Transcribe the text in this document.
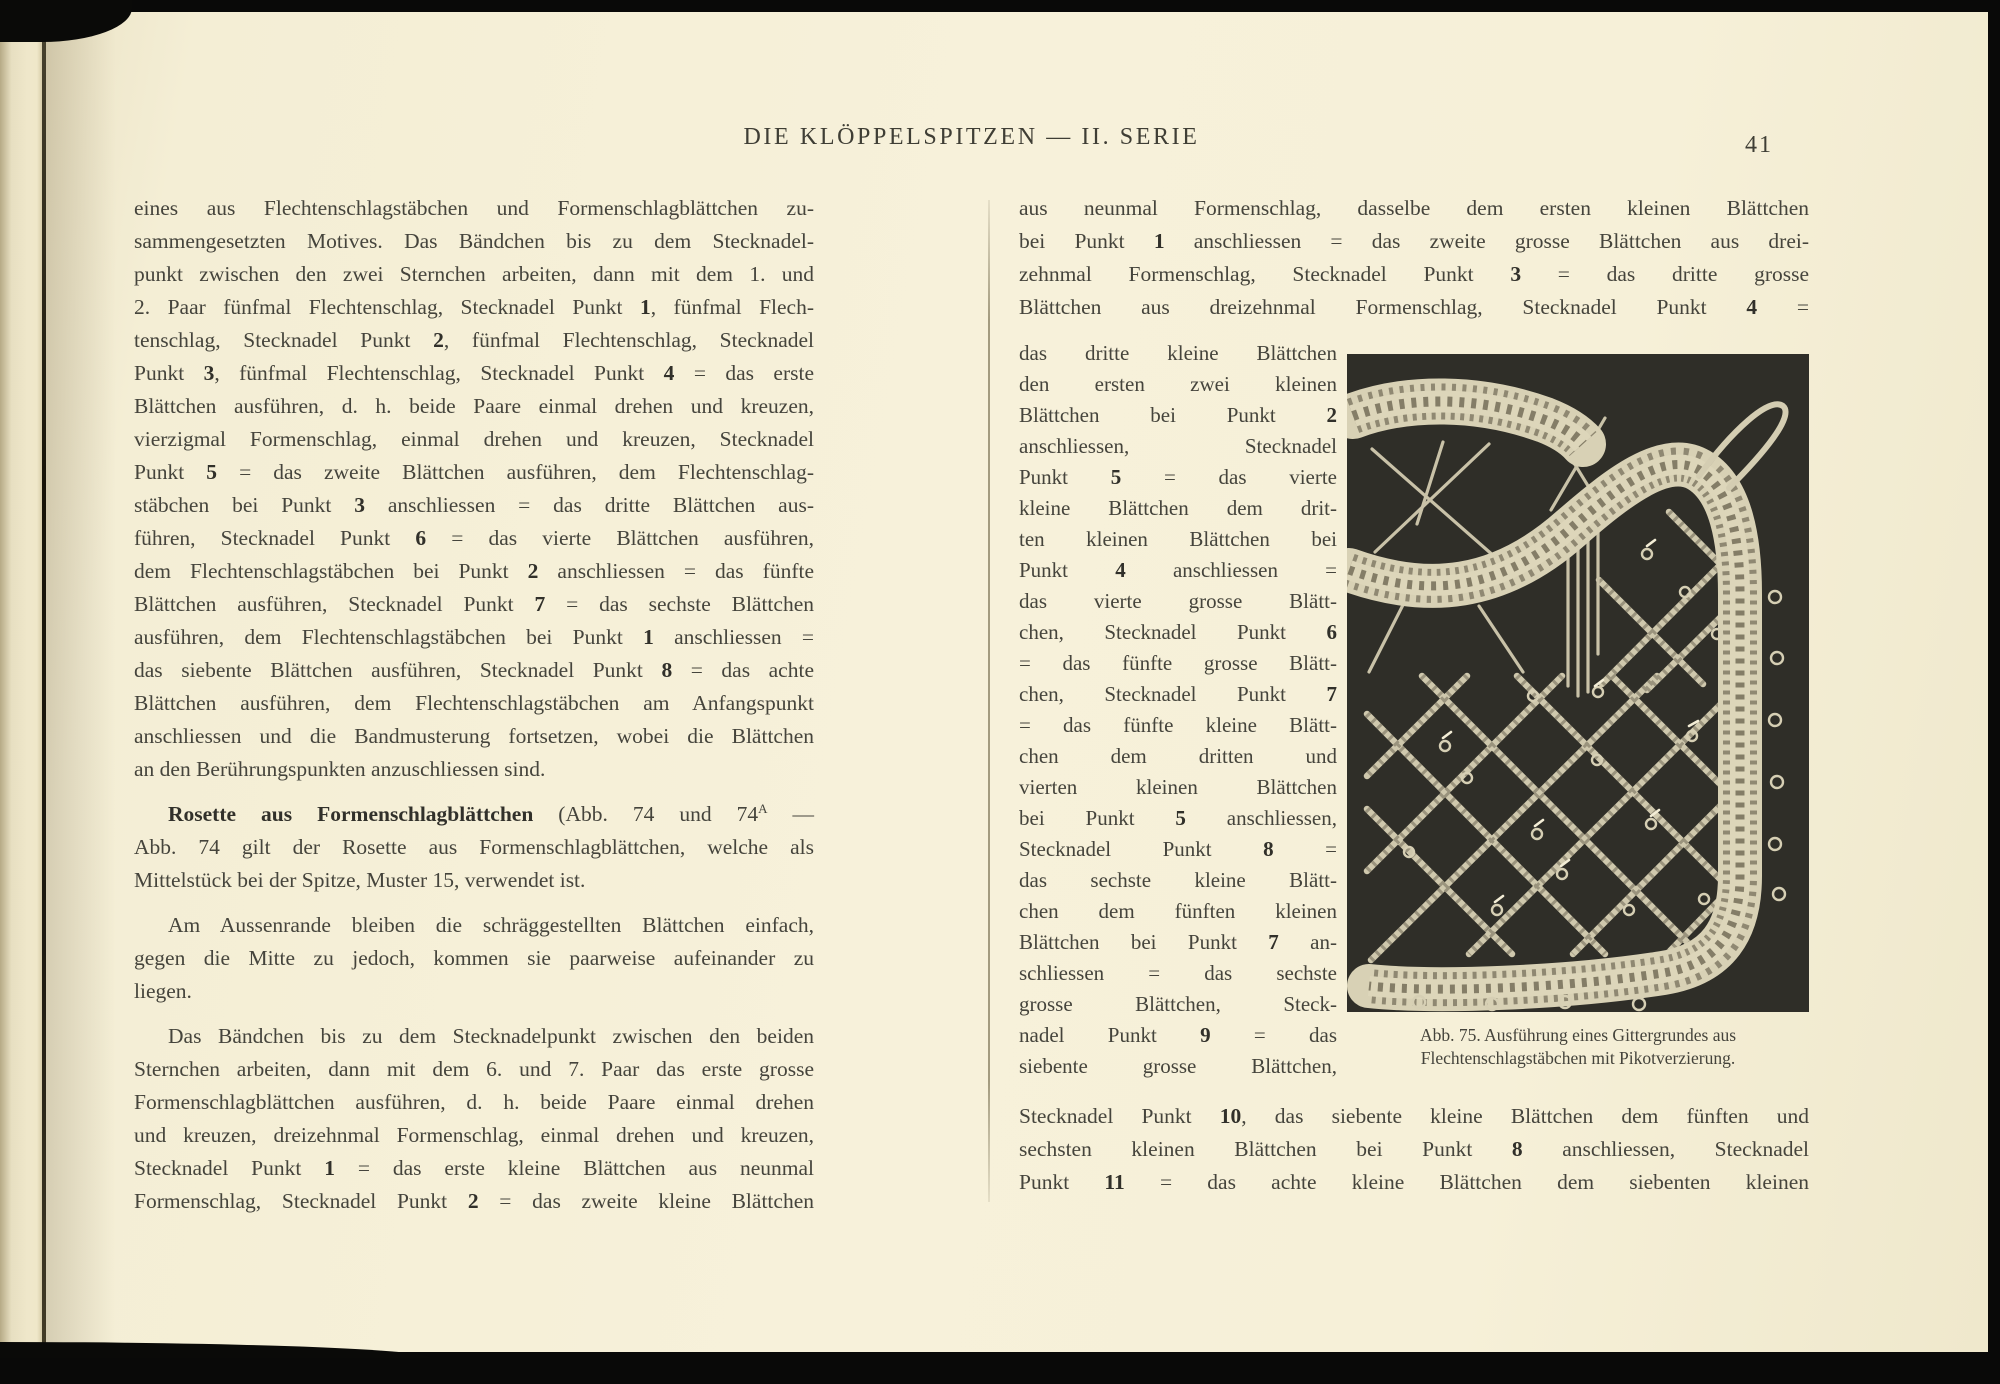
DIE KLÖPPELSPITZEN — II. SERIE	41
eines aus Flechtenschlagstäbchen und Formenschlagblättchen zu-
sammengesetzten Motives. Das Bändchen bis zu dem Stecknadel-
punkt zwischen den zwei Sternchen arbeiten, dann mit dem 1. und
2. Paar fünfmal Flechtenschlag, Stecknadel Punkt 1, fünfmal Flech-
tenschlag, Stecknadel Punkt 2, fünfmal Flechtenschlag, Stecknadel
Punkt 3, fünfmal Flechtenschlag, Stecknadel Punkt 4 = das erste
Blättchen ausführen, d. h. beide Paare einmal drehen und kreuzen,
vierzigmal Formenschlag, einmal drehen und kreuzen, Stecknadel
Punkt 5 = das zweite Blättchen ausführen, dem Flechtenschlag-
stäbchen bei Punkt 3 anschliessen = das dritte Blättchen aus-
führen, Stecknadel Punkt 6 = das vierte Blättchen ausführen,
dem Flechtenschlagstäbchen bei Punkt 2 anschliessen = das fünfte
Blättchen ausführen, Stecknadel Punkt 7 = das sechste Blättchen
ausführen, dem Flechtenschlagstäbchen bei Punkt 1 anschliessen =
das siebente Blättchen ausführen, Stecknadel Punkt 8 = das achte
Blättchen ausführen, dem Flechtenschlagstäbchen am Anfangspunkt
anschliessen und die Bandmusterung fortsetzen, wobei die Blättchen
an den Berührungspunkten anzuschliessen sind.
Rosette aus Formenschlagblättchen (Abb. 74 und $74^A$ —
Abb. 74 gilt der Rosette aus Formenschlagblättchen, welche als
Mittelstück bei der Spitze, Muster 15, verwendet ist.
Am Aussenrande bleiben die schräggestellten Blättchen einfach,
gegen die Mitte zu jedoch, kommen sie paarweise aufeinander zu
liegen.
Das Bändchen bis zu dem Stecknadelpunkt zwischen den beiden
Sternchen arbeiten, dann mit dem 6. und 7. Paar das erste grosse
Formenschlagblättchen ausführen, d. h. beide Paare einmal drehen
und kreuzen, dreizehnmal Formenschlag, einmal drehen und kreuzen,
Stecknadel Punkt 1 = das erste kleine Blättchen aus neunmal
Formenschlag, Stecknadel Punkt 2 = das zweite kleine Blättchen
aus neunmal Formenschlag, dasselbe dem ersten kleinen Blättchen
bei Punkt 1 anschliessen = das zweite grosse Blättchen aus drei-
zehnmal Formenschlag, Stecknadel Punkt 3 = das dritte grosse
Blättchen aus dreizehnmal Formenschlag, Stecknadel Punkt 4 =
das dritte kleine Blättchen
den ersten zwei kleinen
Blättchen bei Punkt 2
anschliessen, Stecknadel
Punkt 5 = das vierte
kleine Blättchen dem drit-
ten kleinen Blättchen bei
Punkt 4 anschliessen =
das vierte grosse Blätt-
chen, Stecknadel Punkt 6
= das fünfte grosse Blätt-
chen, Stecknadel Punkt 7
= das fünfte kleine Blätt-
chen dem dritten und
vierten kleinen Blättchen
bei Punkt 5 anschliessen,
Stecknadel Punkt 8 =
das sechste kleine Blätt-
chen dem fünften kleinen
Blättchen bei Punkt 7 an-
schliessen = das sechste
grosse Blättchen, Steck-
nadel Punkt 9 = das
siebente grosse Blättchen,
Abb. 75. Ausführung eines Gittergrundes aus
Flechtenschlagstäbchen mit Pikotverzierung.
Stecknadel Punkt 10, das siebente kleine Blättchen dem fünften und
sechsten kleinen Blättchen bei Punkt 8 anschliessen, Stecknadel
Punkt 11 = das achte kleine Blättchen dem siebenten kleinen
